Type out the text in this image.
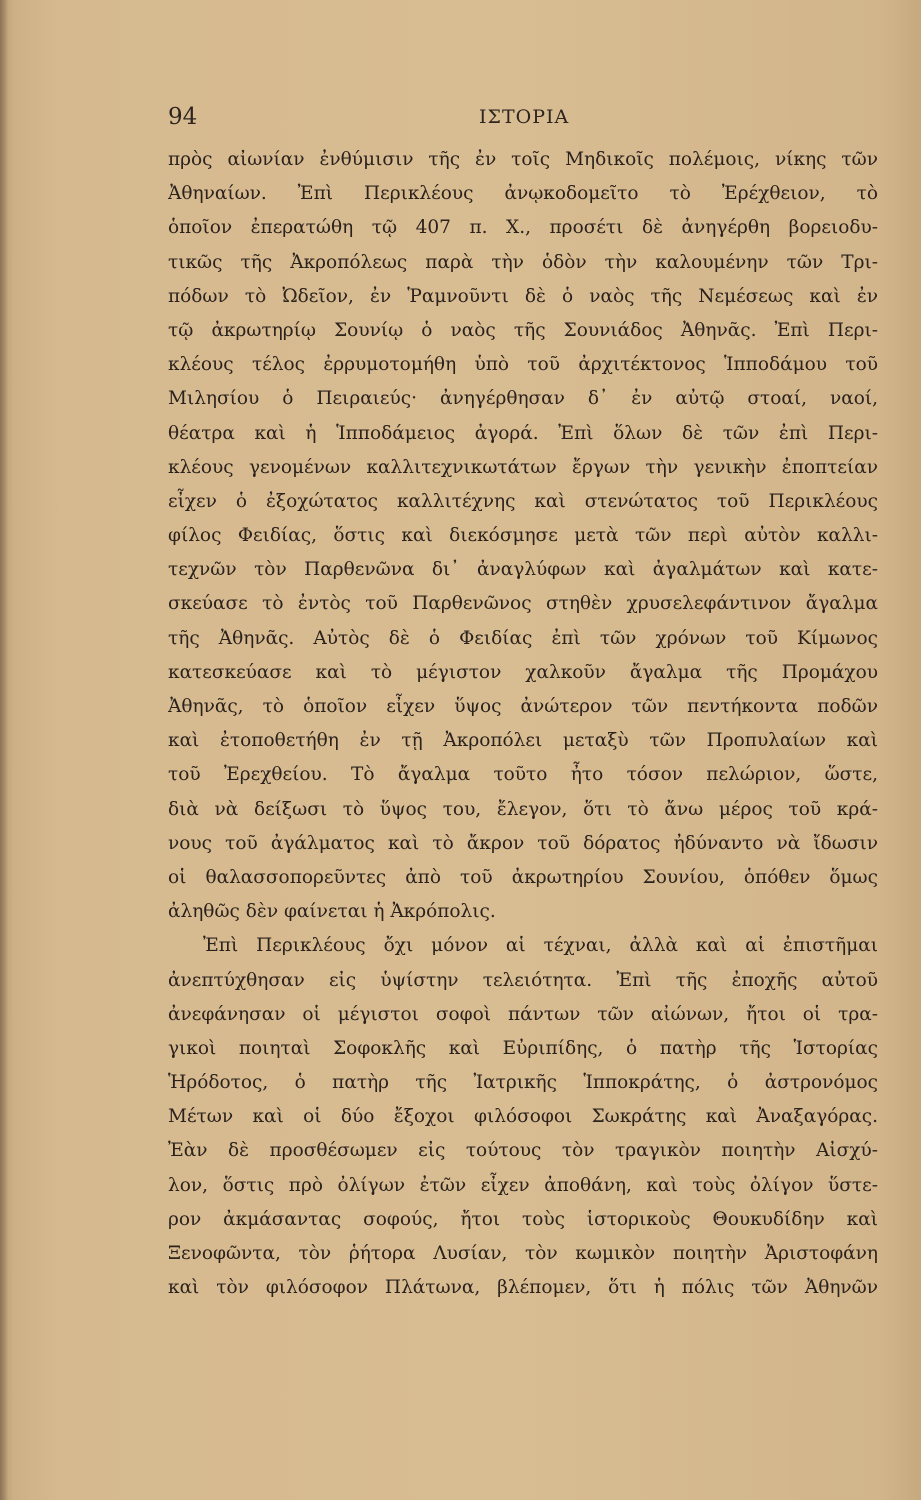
94	ΙΣΤΟΡΙΑ
πρὸς αἰωνίαν ἐνθύμισιν τῆς ἐν τοῖς Μηδικοῖς πολέμοις, νίκης τῶν
Ἀθηναίων. Ἐπὶ Περικλέους ἀνῳκοδομεῖτο τὸ Ἐρέχθειον, τὸ
ὁποῖον ἐπερατώθη τῷ 407 π. Χ., προσέτι δὲ ἀνηγέρθη βορειοδυ-
τικῶς τῆς Ἀκροπόλεως παρὰ τὴν ὁδὸν τὴν καλουμένην τῶν Τρι-
πόδων τὸ Ὠδεῖον, ἐν Ῥαμνοῦντι δὲ ὁ ναὸς τῆς Νεμέσεως καὶ ἐν
τῷ ἀκρωτηρίῳ Σουνίῳ ὁ ναὸς τῆς Σουνιάδος Ἀθηνᾶς. Ἐπὶ Περι-
κλέους τέλος ἐρρυμοτομήθη ὑπὸ τοῦ ἀρχιτέκτονος Ἱπποδάμου τοῦ
Μιλησίου ὁ Πειραιεύς· ἀνηγέρθησαν δ᾽ ἐν αὐτῷ στοαί, ναοί,
θέατρα καὶ ἡ Ἱπποδάμειος ἀγορά. Ἐπὶ ὅλων δὲ τῶν ἐπὶ Περι-
κλέους γενομένων καλλιτεχνικωτάτων ἔργων τὴν γενικὴν ἐποπτείαν
εἶχεν ὁ ἐξοχώτατος καλλιτέχνης καὶ στενώτατος τοῦ Περικλέους
φίλος Φειδίας, ὅστις καὶ διεκόσμησε μετὰ τῶν περὶ αὐτὸν καλλι-
τεχνῶν τὸν Παρθενῶνα δι᾽ ἀναγλύφων καὶ ἀγαλμάτων καὶ κατε-
σκεύασε τὸ ἐντὸς τοῦ Παρθενῶνος στηθὲν χρυσελεφάντινον ἄγαλμα
τῆς Ἀθηνᾶς. Αὐτὸς δὲ ὁ Φειδίας ἐπὶ τῶν χρόνων τοῦ Κίμωνος
κατεσκεύασε καὶ τὸ μέγιστον χαλκοῦν ἄγαλμα τῆς Προμάχου
Ἀθηνᾶς, τὸ ὁποῖον εἶχεν ὕψος ἀνώτερον τῶν πεντήκοντα ποδῶν
καὶ ἐτοποθετήθη ἐν τῇ Ἀκροπόλει μεταξὺ τῶν Προπυλαίων καὶ
τοῦ Ἐρεχθείου. Τὸ ἄγαλμα τοῦτο ἦτο τόσον πελώριον, ὥστε,
διὰ νὰ δείξωσι τὸ ὕψος του, ἔλεγον, ὅτι τὸ ἄνω μέρος τοῦ κρά-
νους τοῦ ἀγάλματος καὶ τὸ ἄκρον τοῦ δόρατος ἠδύναντο νὰ ἴδωσιν
οἱ θαλασσοπορεῦντες ἀπὸ τοῦ ἀκρωτηρίου Σουνίου, ὁπόθεν ὅμως
ἀληθῶς δὲν φαίνεται ἡ Ἀκρόπολις.
Ἐπὶ Περικλέους ὄχι μόνον αἱ τέχναι, ἀλλὰ καὶ αἱ ἐπιστῆμαι
ἀνεπτύχθησαν εἰς ὑψίστην τελειότητα. Ἐπὶ τῆς ἐποχῆς αὐτοῦ
ἀνεφάνησαν οἱ μέγιστοι σοφοὶ πάντων τῶν αἰώνων, ἤτοι οἱ τρα-
γικοὶ ποιηταὶ Σοφοκλῆς καὶ Εὐριπίδης, ὁ πατὴρ τῆς Ἱστορίας
Ἡρόδοτος, ὁ πατὴρ τῆς Ἰατρικῆς Ἱπποκράτης, ὁ ἀστρονόμος
Μέτων καὶ οἱ δύο ἔξοχοι φιλόσοφοι Σωκράτης καὶ Ἀναξαγόρας.
Ἐὰν δὲ προσθέσωμεν εἰς τούτους τὸν τραγικὸν ποιητὴν Αἰσχύ-
λον, ὅστις πρὸ ὀλίγων ἐτῶν εἶχεν ἀποθάνη, καὶ τοὺς ὀλίγον ὕστε-
ρον ἀκμάσαντας σοφούς, ἤτοι τοὺς ἱστορικοὺς Θουκυδίδην καὶ
Ξενοφῶντα, τὸν ῥήτορα Λυσίαν, τὸν κωμικὸν ποιητὴν Ἀριστοφάνη
καὶ τὸν φιλόσοφον Πλάτωνα, βλέπομεν, ὅτι ἡ πόλις τῶν Ἀθηνῶν
